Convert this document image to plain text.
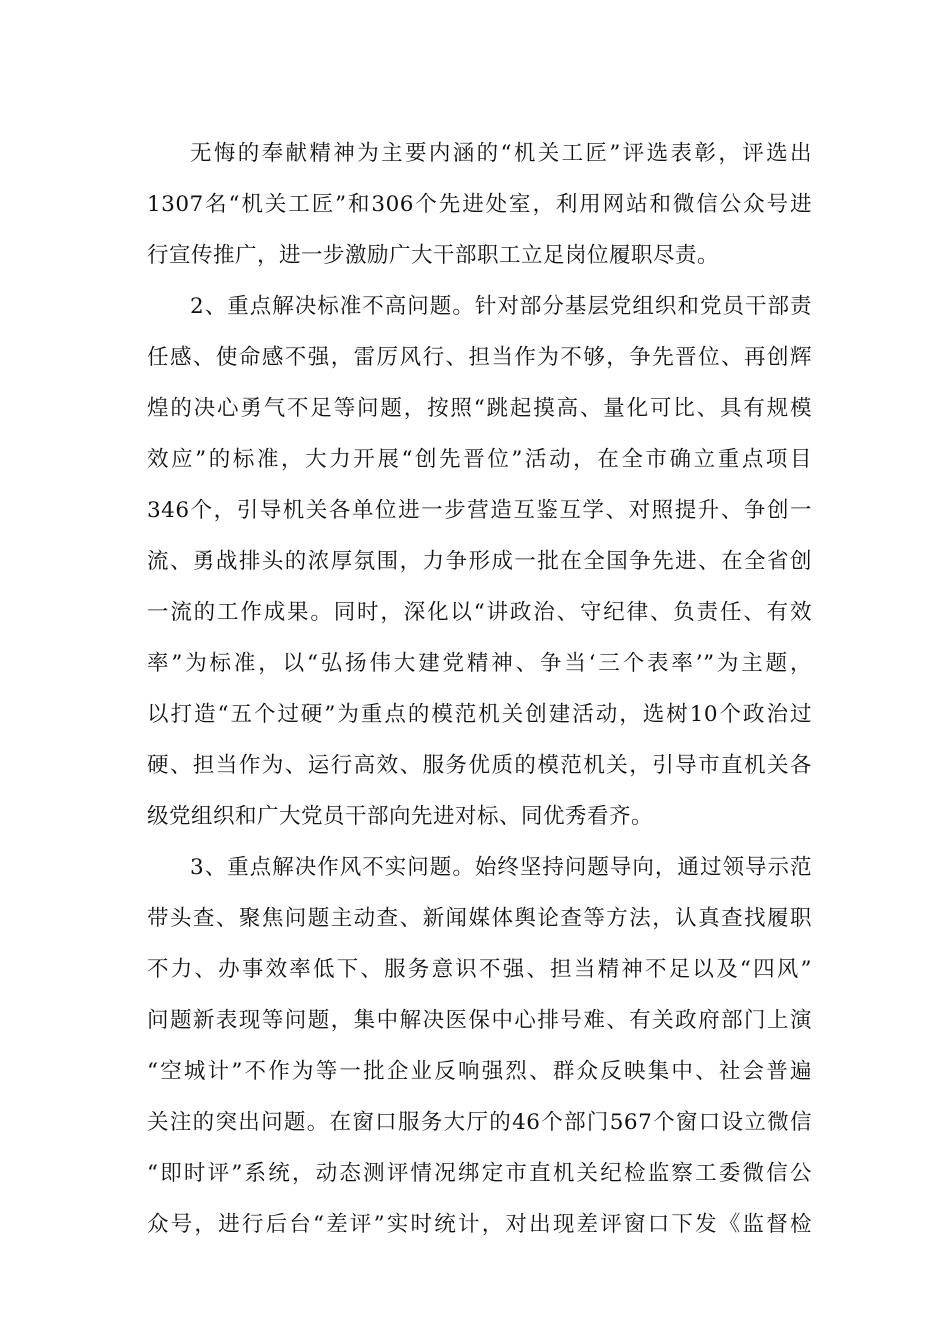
无悔的奉献精神为主要内涵的“机关工匠”评选表彰，评选出
1307名“机关工匠”和306个先进处室，利用网站和微信公众号进
行宣传推广，进一步激励广大干部职工立足岗位履职尽责。
2、重点解决标准不高问题。针对部分基层党组织和党员干部责
任感、使命感不强，雷厉风行、担当作为不够，争先晋位、再创辉
煌的决心勇气不足等问题，按照“跳起摸高、量化可比、具有规模
效应”的标准，大力开展“创先晋位”活动，在全市确立重点项目
346个，引导机关各单位进一步营造互鉴互学、对照提升、争创一
流、勇战排头的浓厚氛围，力争形成一批在全国争先进、在全省创
一流的工作成果。同时，深化以“讲政治、守纪律、负责任、有效
率”为标准，以“弘扬伟大建党精神、争当‘三个表率’”为主题，
以打造“五个过硬”为重点的模范机关创建活动，选树10个政治过
硬、担当作为、运行高效、服务优质的模范机关，引导市直机关各
级党组织和广大党员干部向先进对标、同优秀看齐。
3、重点解决作风不实问题。始终坚持问题导向，通过领导示范
带头查、聚焦问题主动查、新闻媒体舆论查等方法，认真查找履职
不力、办事效率低下、服务意识不强、担当精神不足以及“四风”
问题新表现等问题，集中解决医保中心排号难、有关政府部门上演
“空城计”不作为等一批企业反响强烈、群众反映集中、社会普遍
关注的突出问题。在窗口服务大厅的46个部门567个窗口设立微信
“即时评”系统，动态测评情况绑定市直机关纪检监察工委微信公
众号，进行后台“差评”实时统计，对出现差评窗口下发《监督检
